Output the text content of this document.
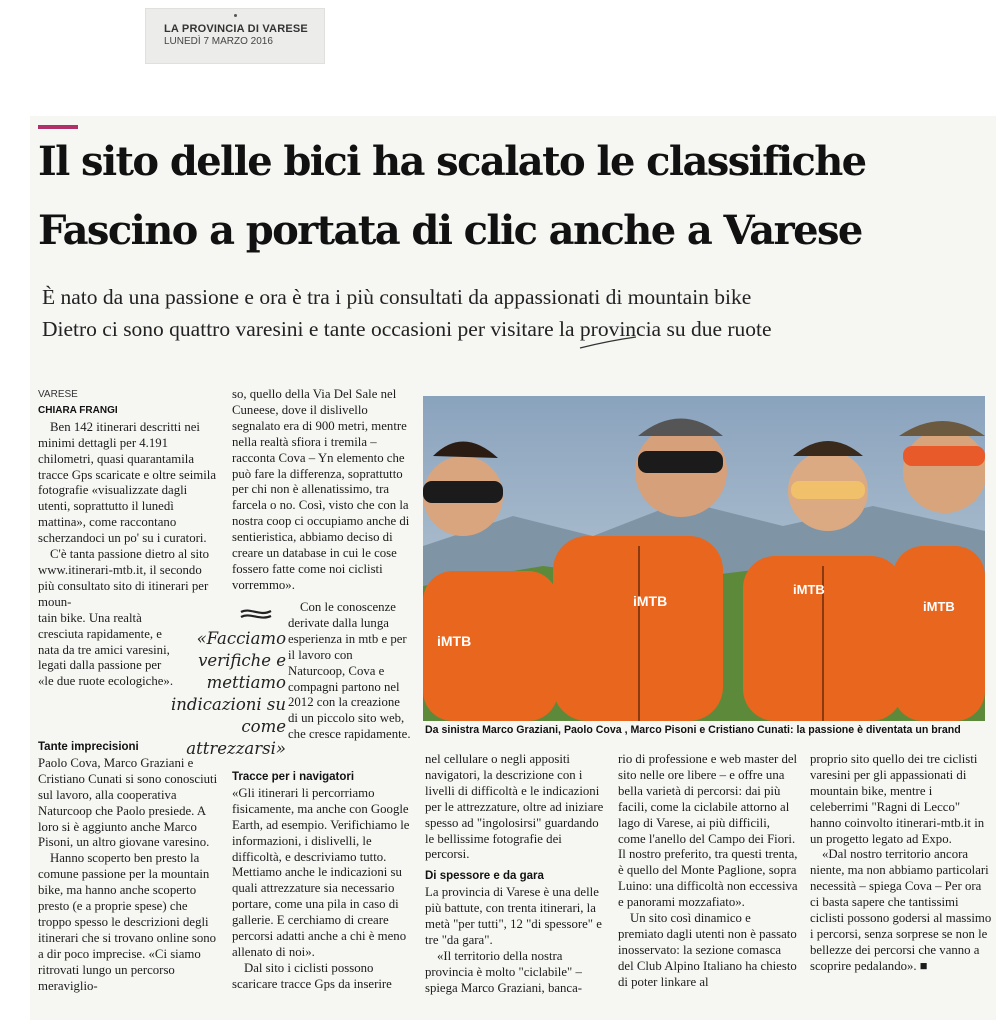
LA PROVINCIA DI VARESE
LUNEDÌ 7 MARZO 2016
Il sito delle bici ha scalato le classifiche
Fascino a portata di clic anche a Varese
È nato da una passione e ora è tra i più consultati da appassionati di mountain bike
Dietro ci sono quattro varesini e tante occasioni per visitare la provincia su due ruote
VARESE
CHIARA FRANGI

Ben 142 itinerari descritti nei minimi dettagli per 4.191 chilometri, quasi quarantamila tracce Gps scaricate e oltre seimila fotografie «visualizzate dagli utenti, soprattutto il lunedì mattina», come raccontano scherzandoci un po' su i curatori.

C'è tanta passione dietro al sito www.itinerari-mtb.it, il secondo più consultato sito di itinerari per moun-

tain bike. Una realtà cresciuta rapidamente, e nata da tre amici varesini, legati dalla passione per «le due ruote ecologiche».

Tante imprecisioni

Paolo Cova, Marco Graziani e Cristiano Cunati si sono conosciuti sul lavoro, alla cooperativa Naturcoop che Paolo presiede. A loro si è aggiunto anche Marco Pisoni, un altro giovane varesino.

Hanno scoperto ben presto la comune passione per la mountain bike, ma hanno anche scoperto presto (e a proprie spese) che troppo spesso le descrizioni degli itinerari che si trovano online sono a dir poco imprecise. «Ci siamo ritrovati lungo un percorso meraviglio-

«Facciamo verifiche e mettiamo indicazioni su come attrezzarsi»

so, quello della Via Del Sale nel Cuneese, dove il dislivello segnalato era di 900 metri, mentre nella realtà sfiora i tremila – racconta Cova – Yn elemento che può fare la differenza, soprattutto per chi non è allenatissimo, tra farcela o no. Così, visto che con la nostra coop ci occupiamo anche di sentieristica, abbiamo deciso di creare un database in cui le cose fossero fatte come noi ciclisti vorremmo».

Con le conoscenze derivate dalla lunga esperienza in mtb e per il lavoro con Naturcoop, Cova e compagni partono nel 2012 con la creazione di un piccolo sito web, che cresce rapidamente.

Tracce per i navigatori

«Gli itinerari li percorriamo fisicamente, ma anche con Google Earth, ad esempio. Verifichiamo le informazioni, i dislivelli, le difficoltà, e descriviamo tutto. Mettiamo anche le indicazioni su quali attrezzature sia necessario portare, come una pila in caso di gallerie. E cerchiamo di creare percorsi adatti anche a chi è meno allenato di noi».

Dal sito i ciclisti possono scaricare tracce Gps da inserire

iMTB
iMTB
iMTB
iMTB
Da sinistra Marco Graziani, Paolo Cova , Marco Pisoni e Cristiano Cunati: la passione è diventata un brand

nel cellulare o negli appositi navigatori, la descrizione con i livelli di difficoltà e le indicazioni per le attrezzature, oltre ad iniziare spesso ad "ingolosirsi" guardando le bellissime fotografie dei percorsi.

Di spessore e da gara

La provincia di Varese è una delle più battute, con trenta itinerari, la metà "per tutti", 12 "di spessore" e tre "da gara".

«Il territorio della nostra provincia è molto "ciclabile" – spiega Marco Graziani, banca-

rio di professione e web master del sito nelle ore libere – e offre una bella varietà di percorsi: dai più facili, come la ciclabile attorno al lago di Varese, ai più difficili, come l'anello del Campo dei Fiori. Il nostro preferito, tra questi trenta, è quello del Monte Paglione, sopra Luino: una difficoltà non eccessiva e panorami mozzafiato».

Un sito così dinamico e premiato dagli utenti non è passato inosservato: la sezione comasca del Club Alpino Italiano ha chiesto di poter linkare al

proprio sito quello dei tre ciclisti varesini per gli appassionati di mountain bike, mentre i celeberrimi "Ragni di Lecco" hanno coinvolto itinerari-mtb.it in un progetto legato ad Expo.

«Dal nostro territorio ancora niente, ma non abbiamo particolari necessità – spiega Cova – Per ora ci basta sapere che tantissimi ciclisti possono godersi al massimo i percorsi, senza sorprese se non le bellezze dei percorsi che vanno a scoprire pedalando». ■
